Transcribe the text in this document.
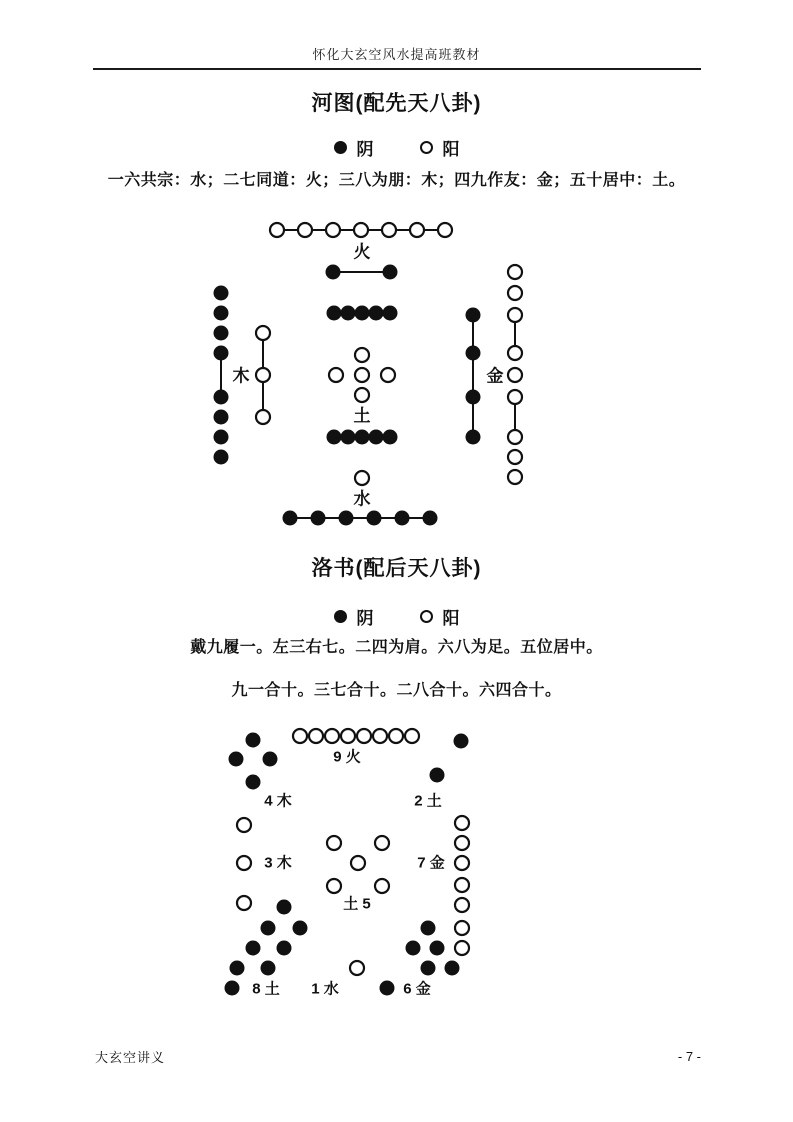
怀化大玄空风水提高班教材
河图(配先天八卦)
阴	阳
一六共宗：水；二七同道：火；三八为朋：木；四九作友：金；五十居中：土。
洛书(配后天八卦)
阴	阳
戴九履一。左三右七。二四为肩。六八为足。五位居中。
九一合十。三七合十。二八合十。六四合十。
火
木	金
土
水
9 火
4 木	2 土
3 木
土 5
7 金
8 土 1 水	6 金
大玄空讲义	- 7 -
